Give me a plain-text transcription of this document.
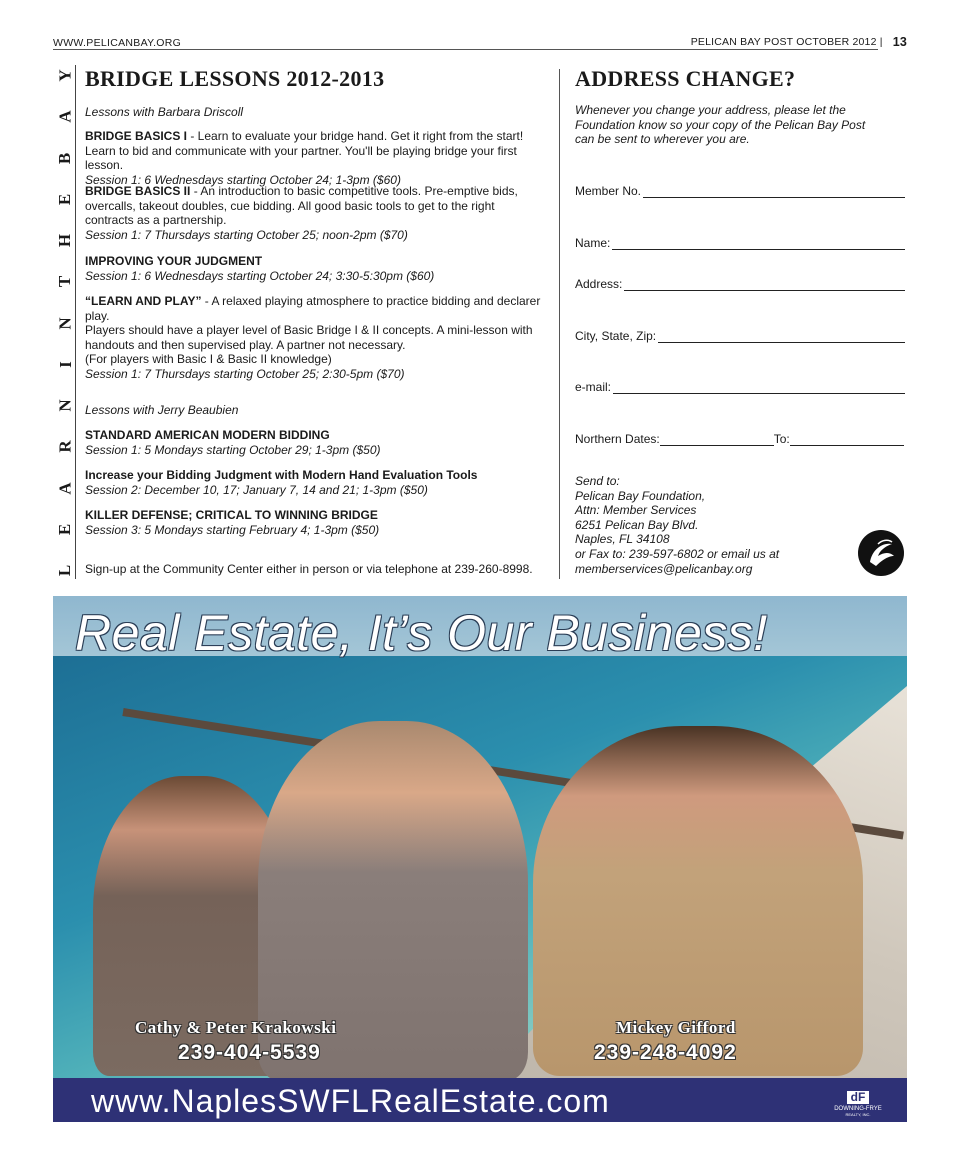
WWW.PELICANBAY.ORG	PELICAN BAY POST OCTOBER 2012 | 13
L
E
A
R
N
I
N
T
H
E
B
A
Y BRIDGE LESSONS 2012-2013

Lessons with Barbara Driscoll

BRIDGE BASICS I - Learn to evaluate your bridge hand. Get it right from the start!

Learn to bid and communicate with your partner. You'll be playing bridge your first lesson.

Session 1: 6 Wednesdays starting October 24; 1-3pm ($60)

BRIDGE BASICS II - An introduction to basic competitive tools. Pre-emptive bids,

overcalls, takeout doubles, cue bidding. All good basic tools to get to the right

contracts as a partnership.

Session 1: 7 Thursdays starting October 25; noon-2pm ($70)

IMPROVING YOUR JUDGMENT

Session 1: 6 Wednesdays starting October 24; 3:30-5:30pm ($60)

“LEARN AND PLAY” - A relaxed playing atmosphere to practice bidding and declarer play.

Players should have a player level of Basic Bridge I & II concepts. A mini-lesson with

handouts and then supervised play. A partner not necessary.

(For players with Basic I & Basic II knowledge)

Session 1: 7 Thursdays starting October 25; 2:30-5pm ($70)

Lessons with Jerry Beaubien

STANDARD AMERICAN MODERN BIDDING

Session 1: 5 Mondays starting October 29; 1-3pm ($50)

Increase your Bidding Judgment with Modern Hand Evaluation Tools

Session 2: December 10, 17; January 7, 14 and 21; 1-3pm ($50)

KILLER DEFENSE; CRITICAL TO WINNING BRIDGE

Session 3: 5 Mondays starting February 4; 1-3pm ($50)

Sign-up at the Community Center either in person or via telephone at 239-260-8998.

ADDRESS CHANGE?

Whenever you change your address, please let the

Foundation know so your copy of the Pelican Bay Post

can be sent to wherever you are.

Member No.
Name:
Address:
City, State, Zip:
e-mail:
Northern Dates:	To:

Send to:

Pelican Bay Foundation,

Attn: Member Services

6251 Pelican Bay Blvd.

Naples, FL 34108

or Fax to: 239-597-6802 or email us at

memberservices@pelicanbay.org

Real Estate, It’s Our Business!
Cathy & Peter Krakowski
239-404-5539
Mickey Gifford
239-248-4092
www.NaplesSWFLRealEstate.com	dF
DOWNING-FRYE
REALTY, INC.
